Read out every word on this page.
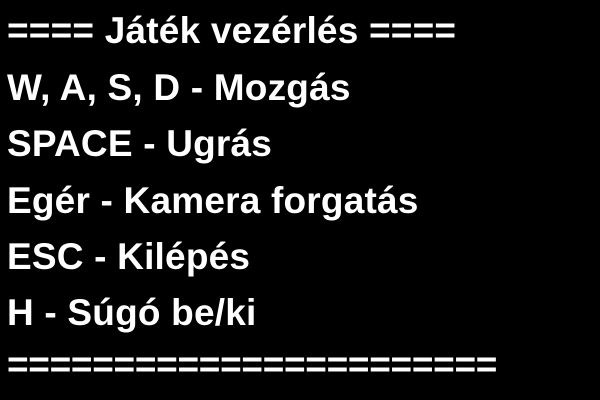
==== Játék vezérlés ====
W, A, S, D - Mozgás
SPACE - Ugrás
Egér - Kamera forgatás
ESC - Kilépés
H - Súgó be/ki
=======================
